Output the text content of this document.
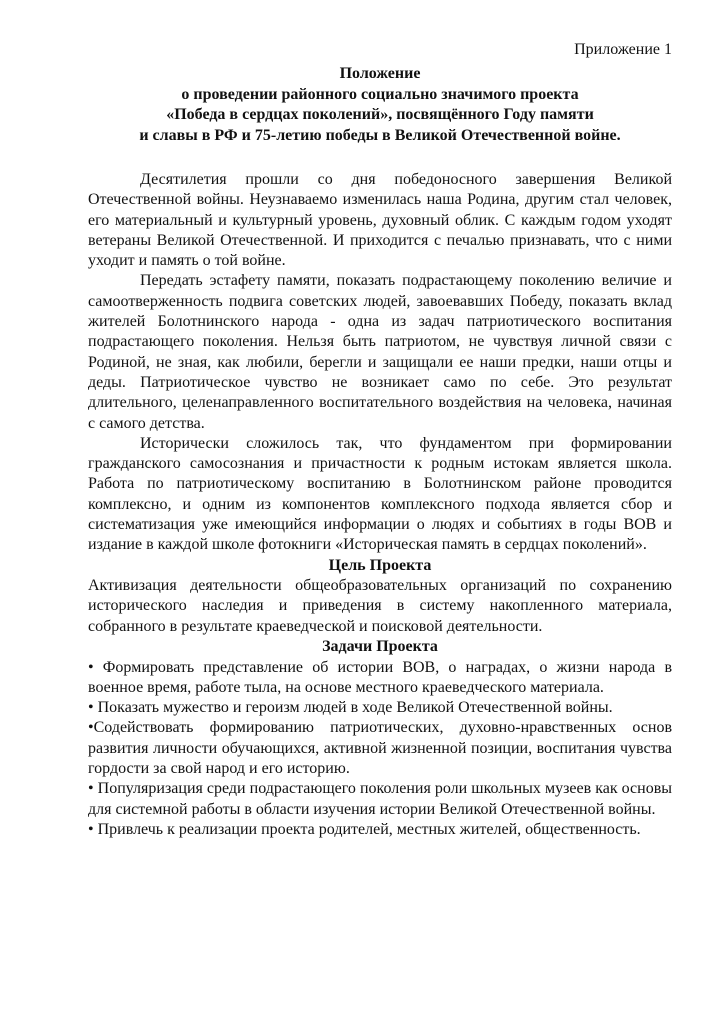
Приложение 1
Положение
о проведении районного социально значимого проекта
«Победа в сердцах поколений», посвящённого Году памяти
и славы в РФ и 75-летию победы в Великой Отечественной войне.

Десятилетия прошли со дня победоносного завершения Великой Отечественной войны. Неузнаваемо изменилась наша Родина, другим стал человек, его материальный и культурный уровень, духовный облик. С каждым годом уходят ветераны Великой Отечественной. И приходится с печалью признавать, что с ними уходит и память о той войне.

Передать эстафету памяти, показать подрастающему поколению величие и самоотверженность подвига советских людей, завоевавших Победу, показать вклад жителей Болотнинского народа - одна из задач патриотического воспитания подрастающего поколения. Нельзя быть патриотом, не чувствуя личной связи с Родиной, не зная, как любили, берегли и защищали ее наши предки, наши отцы и деды. Патриотическое чувство не возникает само по себе. Это результат длительного, целенаправленного воспитательного воздействия на человека, начиная с самого детства.

Исторически сложилось так, что фундаментом при формировании гражданского самосознания и причастности к родным истокам является школа. Работа по патриотическому воспитанию в Болотнинском районе проводится комплексно, и одним из компонентов комплексного подхода является сбор и систематизация уже имеющийся информации о людях и событиях в годы ВОВ и издание в каждой школе фотокниги «Историческая память в сердцах поколений».

Цель Проекта

Активизация деятельности общеобразовательных организаций по сохранению исторического наследия и приведения в систему накопленного материала, собранного в результате краеведческой и поисковой деятельности.

Задачи Проекта

• Формировать представление об истории ВОВ, о наградах, о жизни народа в военное время, работе тыла, на основе местного краеведческого материала.

• Показать мужество и героизм людей в ходе Великой Отечественной войны.

•Содействовать формированию патриотических, духовно-нравственных основ развития личности обучающихся, активной жизненной позиции, воспитания чувства гордости за свой народ и его историю.

• Популяризация среди подрастающего поколения роли школьных музеев как основы для системной работы в области изучения истории Великой Отечественной войны.

• Привлечь к реализации проекта родителей, местных жителей, общественность.
